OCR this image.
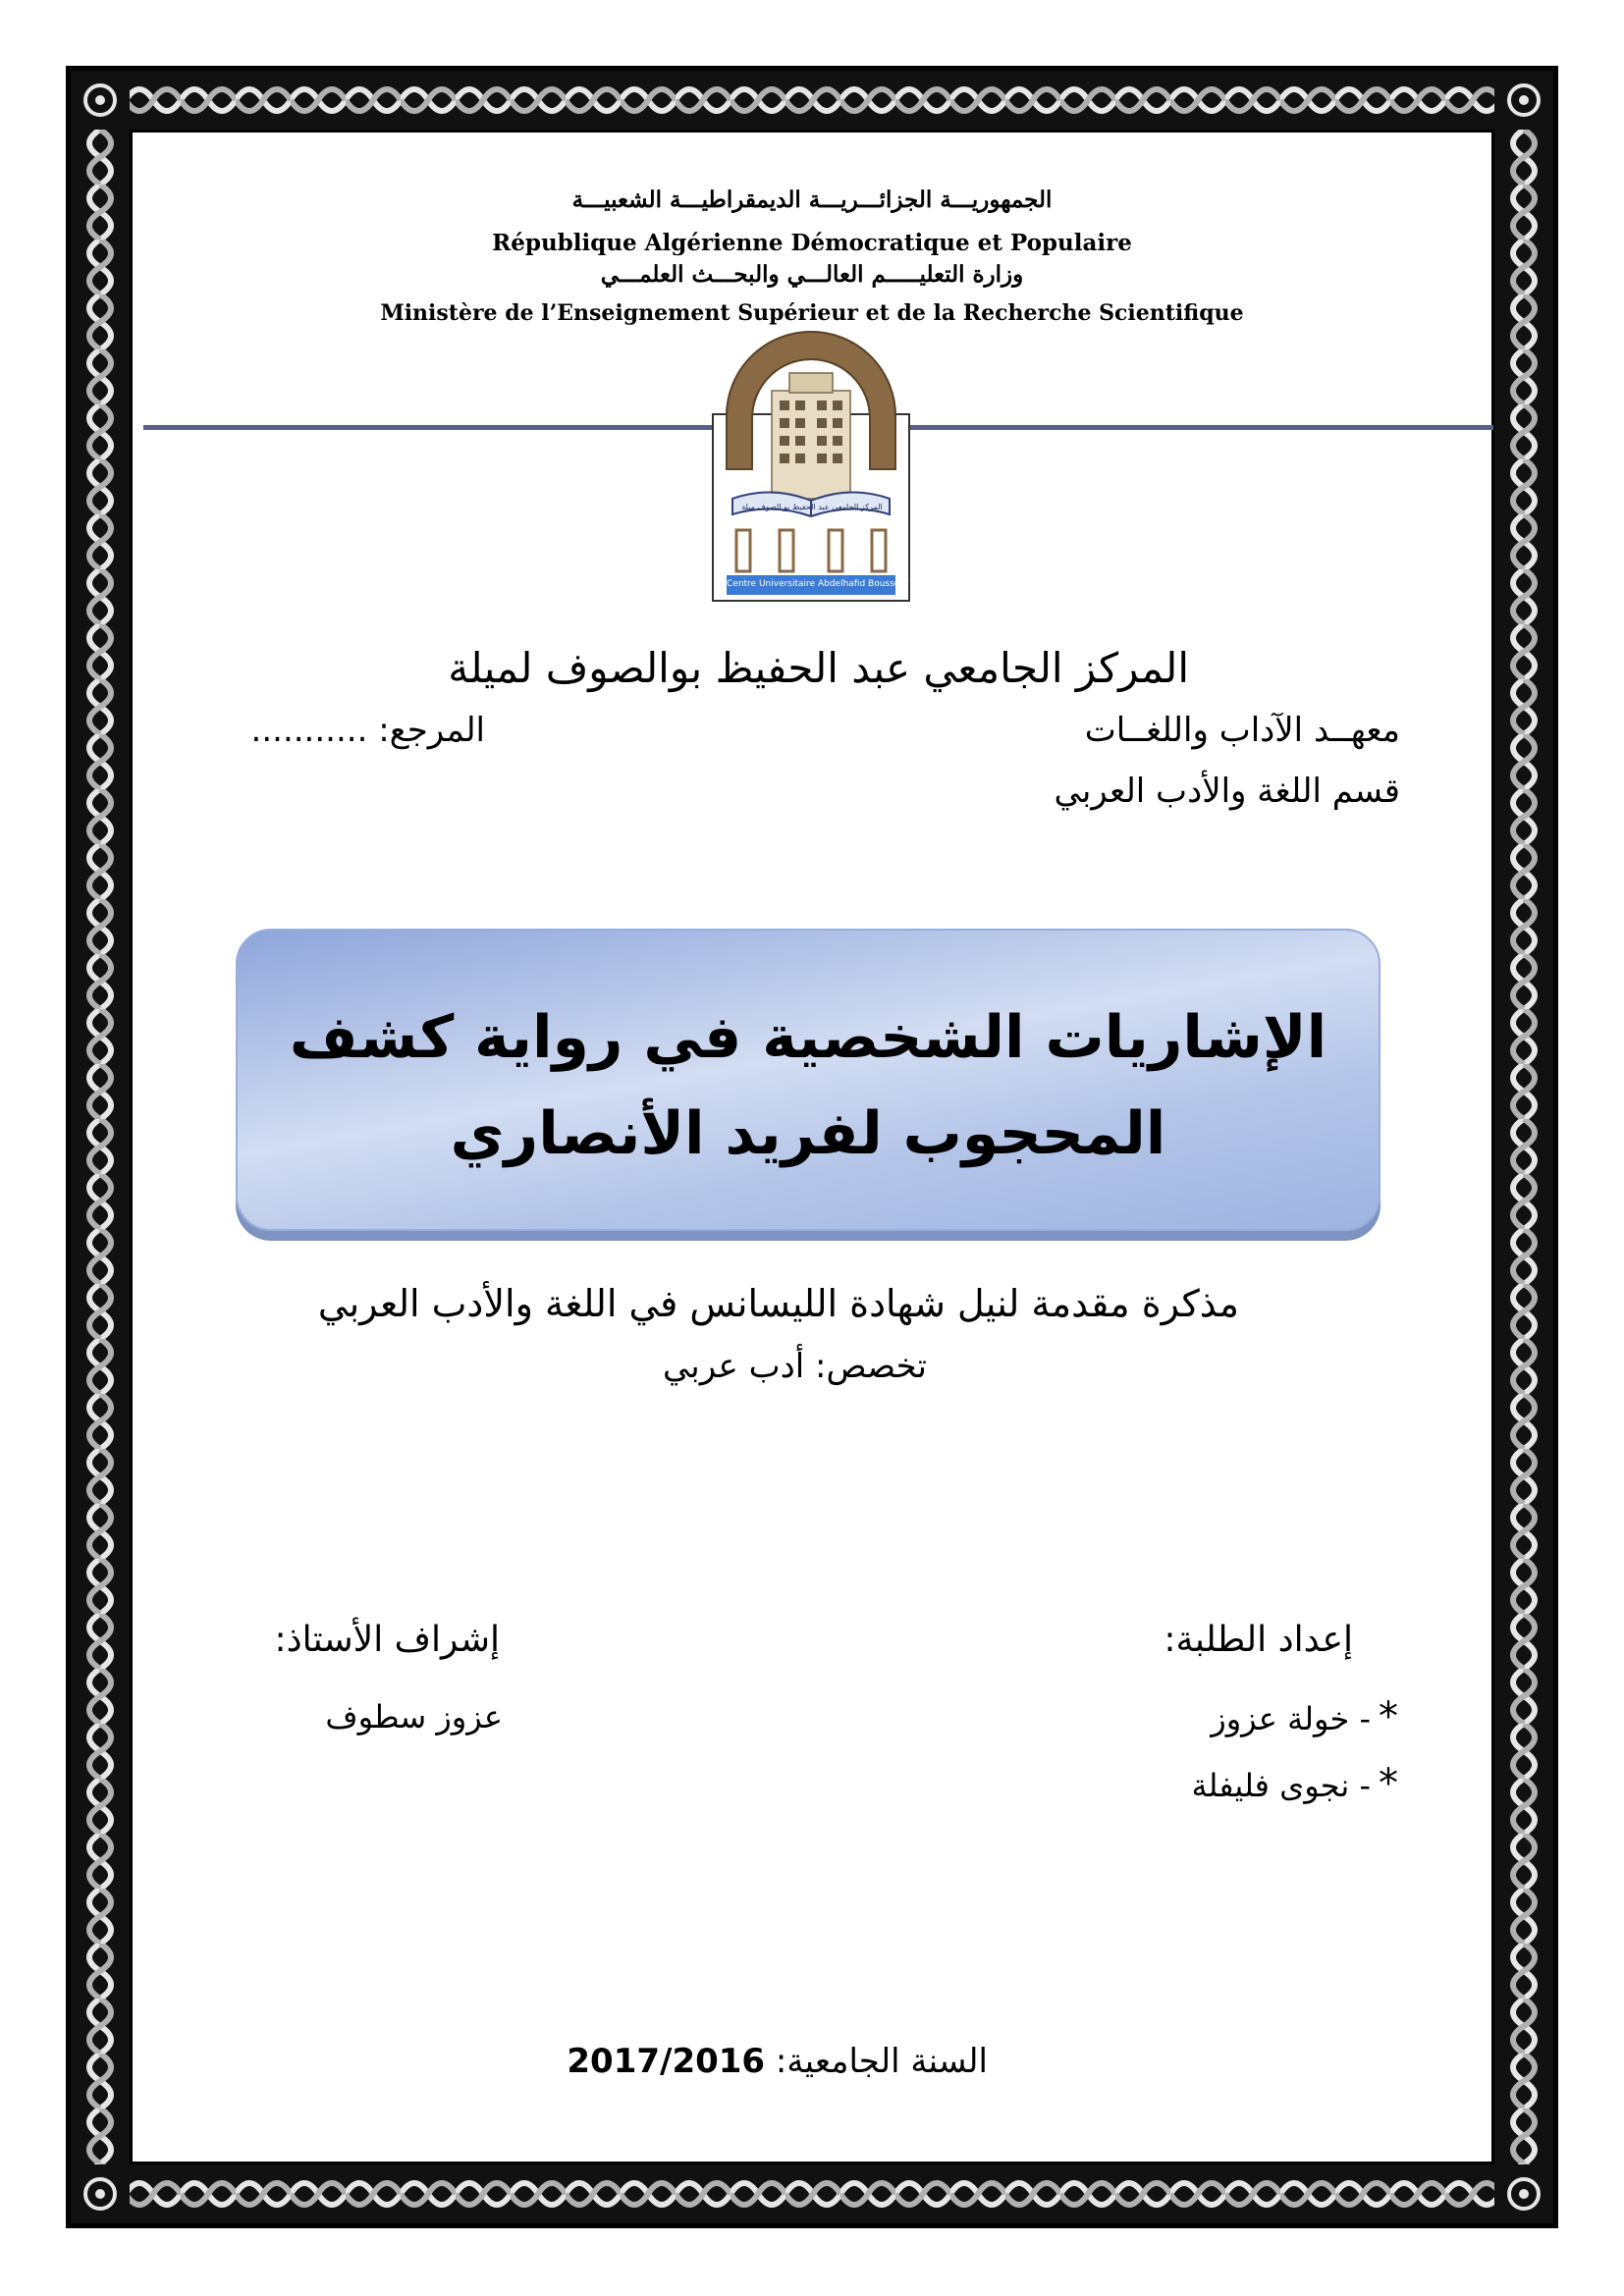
الجمهوريـــة الجزائـــريـــة الديمقراطيـــة الشعبيـــة
République Algérienne Démocratique et Populaire
وزارة التعليـــــم العالـــي والبحـــث العلمـــي
Ministère de l’Enseignement Supérieur et de la Recherche Scientifique
المركز الجامعي عبد الحفيظ بو الصوف ميلة
Centre Universitaire Abdelhafid Boussouf Mila
المركز الجامعي عبد الحفيظ بوالصوف لميلة
معهــد الآداب واللغــات
المرجع: ...........
قسم اللغة والأدب العربي
الإشاريات الشخصية في رواية كشف
المحجوب لفريد الأنصاري
مذكرة مقدمة لنيل شهادة الليسانس في اللغة والأدب العربي
تخصص: أدب عربي
إعداد الطلبة:
إشراف الأستاذ:
*- خولة عزوز
*- نجوى فليفلة
عزوز سطوف
السنة الجامعية: 2017/2016
